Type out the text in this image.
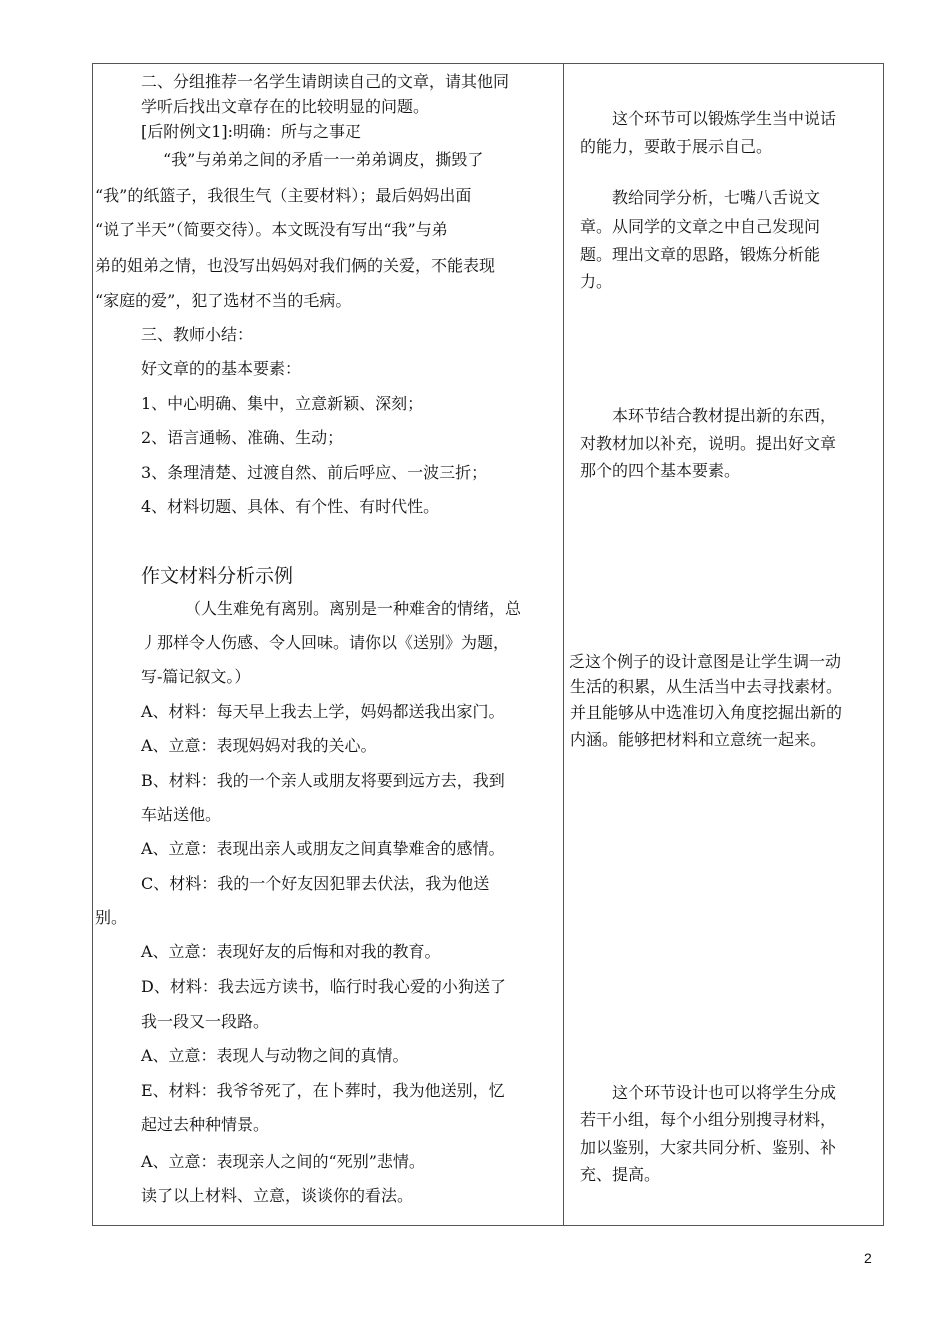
二、分组推荐一名学生请朗读自己的文章，请其他同
学听后找出文章存在的比较明显的问题。
[后附例文1]:明确：所与之事疋
“我”与弟弟之间的矛盾一一弟弟调皮，撕毁了
“我”的纸篮子，我很生气（主要材料）；最后妈妈出面
“说了半天”（简要交待）。本文既没有写出“我”与弟
弟的姐弟之情，也没写出妈妈对我们俩的关爱，不能表现
“家庭的爱”，犯了选材不当的毛病。
三、教师小结：
好文章的的基本要素：
1、中心明确、集中，立意新颖、深刻；
2、语言通畅、准确、生动；
3、条理清楚、过渡自然、前后呼应、一波三折；
4、材料切题、具体、有个性、有时代性。
作文材料分析示例
（人生难免有离别。离别是一种难舍的情绪，总
丿那样令人伤感、令人回味。请你以《送别》为题，
写-篇记叙文。）
A、材料：每天早上我去上学，妈妈都送我出家门。
A、立意：表现妈妈对我的关心。
B、材料：我的一个亲人或朋友将要到远方去，我到
车站送他。
A、立意：表现出亲人或朋友之间真挚难舍的感情。
C、材料：我的一个好友因犯罪去伏法，我为他送
别。
A、立意：表现好友的后悔和对我的教育。
D、材料：我去远方读书，临行时我心爱的小狗送了
我一段又一段路。
A、立意：表现人与动物之间的真情。
E、材料：我爷爷死了，在卜葬时，我为他送别，忆
起过去种种情景。
A、立意：表现亲人之间的“死别”悲情。
读了以上材料、立意，谈谈你的看法。
这个环节可以锻炼学生当中说话
的能力，要敢于展示自己。
教给同学分析，七嘴八舌说文
章。从同学的文章之中自己发现问
题。理出文章的思路，锻炼分析能
力。
本环节结合教材提出新的东西，
对教材加以补充，说明。提出好文章
那个的四个基本要素。
乏这个例子的设计意图是让学生调一动
生活的积累，从生活当中去寻找素材。
并且能够从中选准切入角度挖掘出新的
内涵。能够把材料和立意统一起来。
这个环节设计也可以将学生分成
若干小组，每个小组分别搜寻材料，
加以鉴别，大家共同分析、鉴别、补
充、提高。
2
